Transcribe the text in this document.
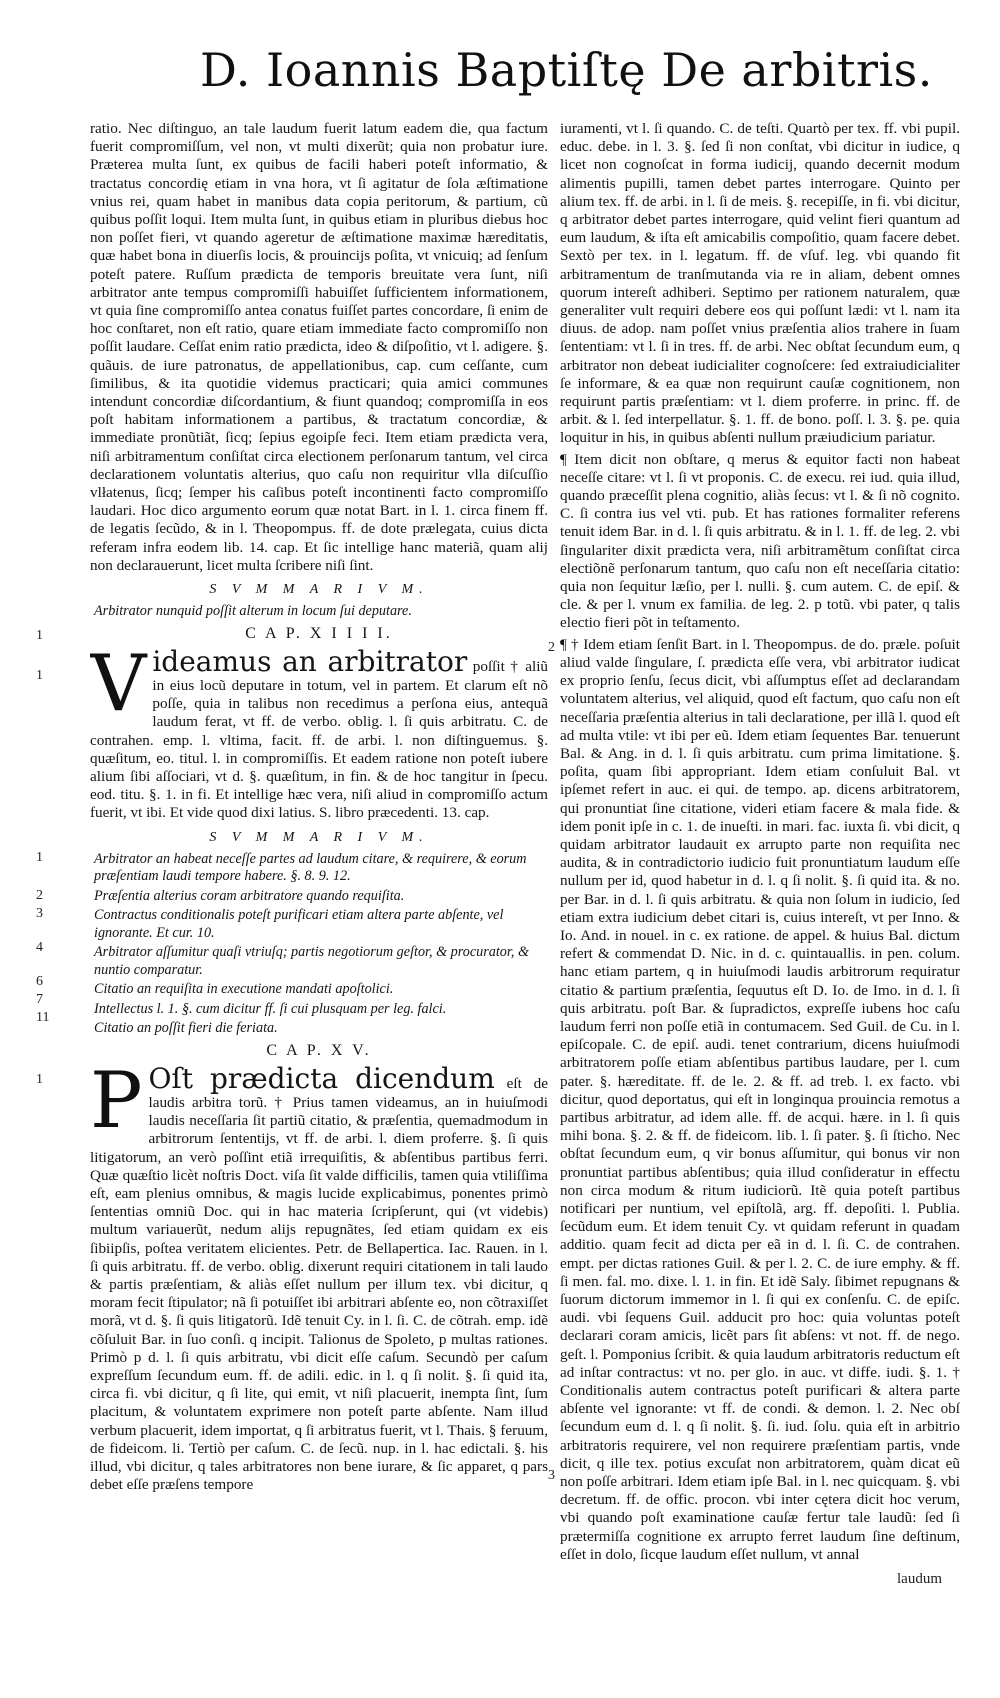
D. Ioannis Baptiſtę De arbitris.

ratio. Nec diſtinguo, an tale laudum fuerit latum eadem die, qua factum fuerit compromiſſum, vel non, vt multi dixerũt; quia non probatur iure. Præterea multa ſunt, ex quibus de facili haberi poteſt informatio, & tractatus concordię etiam in vna hora, vt ſi agitatur de ſola æſtimatione vnius rei, quam habet in manibus data copia peritorum, & partium, cũ quibus poſſit loqui. Item multa ſunt, in quibus etiam in pluribus diebus hoc non poſſet fieri, vt quando ageretur de æſtimatione maximæ hæreditatis, quæ habet bona in diuerſis locis, & prouincijs poſita, vt vnicuiq; ad ſenſum poteſt patere. Ruſſum prædicta de temporis breuitate vera ſunt, niſi arbitrator ante tempus compromiſſi habuiſſet ſufficientem informationem, vt quia ſine compromiſſo antea conatus fuiſſet partes concordare, ſi enim de hoc conſtaret, non eſt ratio, quare etiam immediate facto compromiſſo non poſſit laudare. Ceſſat enim ratio prædicta, ideo & diſpoſitio, vt l. adigere. §. quãuis. de iure patronatus, de appellationibus, cap. cum ceſſante, cum ſimilibus, & ita quotidie videmus practicari; quia amici communes intendunt concordiæ diſcordantium, & fiunt quandoq; compromiſſa in eos poſt habitam informationem a partibus, & tractatum concordiæ, & immediate pronũtiãt, ſicq; ſepius egoipſe feci. Item etiam prædicta vera, niſi arbitramentum conſiſtat circa electionem perſonarum tantum, vel circa declarationem voluntatis alterius, quo caſu non requiritur vlla diſcuſſio vlłatenus, ſicq; ſemper his caſibus poteſt incontinenti facto compromiſſo laudari. Hoc dico argumento eorum quæ notat Bart. in l. 1. circa finem ff. de legatis ſecũdo, & in l. Theopompus. ff. de dote prælegata, cuius dicta referam infra eodem lib. 14. cap. Et ſic intellige hanc materiã, quam alij non declarauerunt, licet multa ſcribere niſi ſint.

S V M M A R I V M.
Arbitrator nunquid poſſit alterum in locum ſui deputare.
C A P. X I I I I.

Videamus an arbitrator poſſit † aliũ in eius locũ deputare in totum, vel in partem. Et clarum eſt nõ poſſe, quia in talibus non recedimus a perſona eius, antequã laudum ferat, vt ff. de verbo. oblig. l. ſi quis arbitratu. C. de contrahen. emp. l. vltima, facit. ff. de arbi. l. non diſtinguemus. §. quæſitum, eo. titul. l. in compromiſſis. Et eadem ratione non poteſt iubere alium ſibi aſſociari, vt d. §. quæſitum, in fin. & de hoc tangitur in ſpecu. eod. titu. §. 1. in fi. Et intellige hæc vera, niſi aliud in compromiſſo actum fuerit, vt ibi. Et vide quod dixi latius. S. libro præcedenti. 13. cap.

S V M M A R I V M.
Arbitrator an habeat neceſſe partes ad laudum citare, & requirere, & eorum præſentiam laudi tempore habere. §. 8. 9. 12.
Præſentia alterius coram arbitratore quando requiſita.
Contractus conditionalis poteſt purificari etiam altera parte abſente, vel ignorante. Et cur. 10.
Arbitrator aſſumitur quaſi vtriuſq; partis negotiorum geſtor, & procurator, & nuntio comparatur.
Citatio an requiſita in executione mandati apoſtolici.
Intellectus l. 1. §. cum dicitur ff. ſi cui plusquam per leg. falci.
Citatio an poſſit fieri die feriata.
C A P. X V.

P Oſt prædicta dicendum eſt de laudis arbitra torũ. † Prius tamen videamus, an in huiuſmodi laudis neceſſaria ſit partiũ citatio, & præſentia, quemadmodum in arbitrorum ſententijs, vt ff. de arbi. l. diem proferre. §. ſi quis litigatorum, an verò poſſint etiã irrequiſitis, & abſentibus partibus ferri. Quæ quæſtio licèt noſtris Doct. viſa ſit valde difficilis, tamen quia vtiliſſima eſt, eam plenius omnibus, & magis lucide explicabimus, ponentes primò ſententias omniũ Doc. qui in hac materia ſcripſerunt, qui (vt videbis) multum variauerũt, nedum alijs repugnãtes, ſed etiam quidam ex eis ſibiipſis, poſtea veritatem elicientes. Petr. de Bellapertica. Iac. Rauen. in l. ſi quis arbitratu. ff. de verbo. oblig. dixerunt requiri citationem in tali laudo & partis præſentiam, & aliàs eſſet nullum per illum tex. vbi dicitur, q moram fecit ſtipulator; nã ſi potuiſſet ibi arbitrari abſente eo, non cõtraxiſſet morã, vt d. §. ſi quis litigatorũ. Idẽ tenuit Cy. in l. ſi. C. de cõtrah. emp. idẽ cõſuluit Bar. in ſuo conſi. q incipit. Talionus de Spoleto, p multas rationes. Primò p d. l. ſi quis arbitratu, vbi dicit eſſe caſum. Secundò per caſum expreſſum ſecundum eum. ff. de adili. edic. in l. q ſi nolit. §. ſi quid ita, circa fi. vbi dicitur, q ſi lite, qui emit, vt niſi placuerit, inempta ſint, ſum placitum, & voluntatem exprimere non poteſt parte abſente. Nam illud verbum placuerit, idem importat, q ſi arbitratus fuerit, vt l. Thais. § feruum, de fideicom. li. Tertiò per caſum. C. de ſecũ. nup. in l. hac edictali. §. his illud, vbi dicitur, q tales arbitratores non bene iurare, & ſic apparet, q pars debet eſſe præſens tempore

1
1
2
3
4
6
7
11
1
1
2
3

iuramenti, vt l. ſi quando. C. de teſti. Quartò per tex. ff. vbi pupil. educ. debe. in l. 3. §. ſed ſi non conſtat, vbi dicitur in iudice, q licet non cognoſcat in forma iudicij, quando decernit modum alimentis pupilli, tamen debet partes interrogare. Quinto per alium tex. ff. de arbi. in l. ſi de meis. §. recepiſſe, in fi. vbi dicitur, q arbitrator debet partes interrogare, quid velint fieri quantum ad eum laudum, & iſta eſt amicabilis compoſitio, quam facere debet. Sextò per tex. in l. legatum. ff. de vſuf. leg. vbi quando fit arbitramentum de tranſmutanda via re in aliam, debent omnes quorum intereſt adhiberi. Septimo per rationem naturalem, quæ generaliter vult requiri debere eos qui poſſunt lædi: vt l. nam ita diuus. de adop. nam poſſet vnius præſentia alios trahere in ſuam ſententiam: vt l. ſi in tres. ff. de arbi. Nec obſtat ſecundum eum, q arbitrator non debeat iudicialiter cognoſcere: ſed extraiudicialiter ſe informare, & ea quæ non requirunt cauſæ cognitionem, non requirunt partis præſentiam: vt l. diem proferre. in princ. ff. de arbit. & l. ſed interpellatur. §. 1. ff. de bono. poſſ. l. 3. §. pe. quia loquitur in his, in quibus abſenti nullum præiudicium pariatur.

¶ Item dicit non obſtare, q merus & equitor facti non habeat neceſſe citare: vt l. ſi vt proponis. C. de execu. rei iud. quia illud, quando præceſſit plena cognitio, aliàs ſecus: vt l. & ſi nõ cognito. C. ſi contra ius vel vti. pub. Et has rationes formaliter referens tenuit idem Bar. in d. l. ſi quis arbitratu. & in l. 1. ff. de leg. 2. vbi ſingulariter dixit prædicta vera, niſi arbitramẽtum conſiſtat circa electiõnẽ perſonarum tantum, quo caſu non eſt neceſſaria citatio: quia non ſequitur læſio, per l. nulli. §. cum autem. C. de epiſ. & cle. & per l. vnum ex familia. de leg. 2. p totũ. vbi pater, q talis electio fieri põt in teſtamento.

¶ † Idem etiam ſenſit Bart. in l. Theopompus. de do. præle. poſuit aliud valde ſingulare, ſ. prædicta eſſe vera, vbi arbitrator iudicat ex proprio ſenſu, ſecus dicit, vbi aſſumptus eſſet ad declarandam voluntatem alterius, vel aliquid, quod eſt factum, quo caſu non eſt neceſſaria præſentia alterius in tali declaratione, per illã l. quod eſt ad multa vtile: vt ibi per eũ. Idem etiam ſequentes Bar. tenuerunt Bal. & Ang. in d. l. ſi quis arbitratu. cum prima limitatione. §. poſita, quam ſibi appropriant. Idem etiam conſuluit Bal. vt ipſemet refert in auc. ei qui. de tempo. ap. dicens arbitratorem, qui pronuntiat ſine citatione, videri etiam facere & mala fide. & idem ponit ipſe in c. 1. de inueſti. in mari. fac. iuxta ſi. vbi dicit, q quidam arbitrator laudauit ex arrupto parte non requiſita nec audita, & in contradictorio iudicio fuit pronuntiatum laudum eſſe nullum per id, quod habetur in d. l. q ſi nolit. §. ſi quid ita. & no. per Bar. in d. l. ſi quis arbitratu. & quia non ſolum in iudicio, ſed etiam extra iudicium debet citari is, cuius intereſt, vt per Inno. & Io. And. in nouel. in c. ex ratione. de appel. & huius Bal. dictum refert & commendat D. Nic. in d. c. quintauallis. in pen. colum. hanc etiam partem, q in huiuſmodi laudis arbitrorum requiratur citatio & partium præſentia, ſequutus eſt D. Io. de Imo. in d. l. ſi quis arbitratu. poſt Bar. & ſupradictos, expreſſe iubens hoc caſu laudum ferri non poſſe etiã in contumacem. Sed Guil. de Cu. in l. epiſcopale. C. de epiſ. audi. tenet contrarium, dicens huiuſmodi arbitratorem poſſe etiam abſentibus partibus laudare, per l. cum pater. §. hæreditate. ff. de le. 2. & ff. ad treb. l. ex facto. vbi dicitur, quod deportatus, qui eſt in longinqua prouincia remotus a partibus arbitratur, ad idem alle. ff. de acqui. hære. in l. ſi quis mihi bona. §. 2. & ff. de fideicom. lib. l. ſi pater. §. ſi ſticho. Nec obſtat ſecundum eum, q vir bonus aſſumitur, qui bonus vir non pronuntiat partibus abſentibus; quia illud conſideratur in effectu non circa modum & ritum iudiciorũ. Itẽ quia poteſt partibus notificari per nuntium, vel epiſtolã, arg. ff. depoſiti. l. Publia. ſecũdum eum. Et idem tenuit Cy. vt quidam referunt in quadam additio. quam fecit ad dicta per eã in d. l. ſi. C. de contrahen. empt. per dictas rationes Guil. & per l. 2. C. de iure emphy. & ff. ſi men. fal. mo. dixe. l. 1. in fin. Et idẽ Saly. ſibimet repugnans & ſuorum dictorum immemor in l. ſi qui ex conſenſu. C. de epiſc. audi. vbi ſequens Guil. adducit pro hoc: quia voluntas poteſt declarari coram amicis, licẽt pars ſit abſens: vt not. ff. de nego. geſt. l. Pomponius ſcribit. & quia laudum arbitratoris reductum eſt ad inſtar contractus: vt no. per glo. in auc. vt diffe. iudi. §. 1. † Conditionalis autem contractus poteſt purificari & altera parte abſente vel ignorante: vt ff. de condi. & demon. l. 2. Nec obſ ſecundum eum d. l. q ſi nolit. §. ſi. iud. ſolu. quia eſt in arbitrio arbitratoris requirere, vel non requirere præſentiam partis, vnde dicit, q ille tex. potius excuſat non arbitratorem, quàm dicat eũ non poſſe arbitrari. Idem etiam ipſe Bal. in l. nec quicquam. §. vbi decretum. ff. de offic. procon. vbi inter cętera dicit hoc verum, vbi quando poſt examinatione cauſæ fertur tale laudũ: ſed ſi prætermiſſa cognitione ex arrupto ferret laudum ſine deſtinum, eſſet in dolo, ſicque laudum eſſet nullum, vt annal

laudum
